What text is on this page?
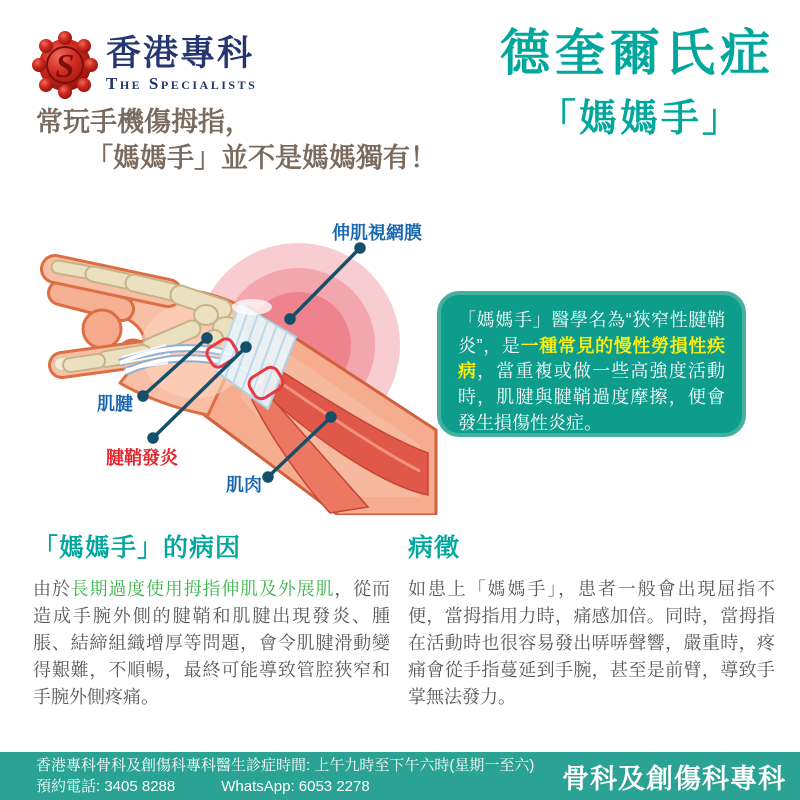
S 香港專科
The Specialists
德奎爾氏症
「媽媽手」
常玩手機傷拇指，
「媽媽手」並不是媽媽獨有！
伸肌視網膜
肌腱
腱鞘發炎
肌肉
「媽媽手」醫學名為“狹窄性腱鞘炎”，是一種常見的慢性勞損性疾病，當重複或做一些高強度活動時，肌腱與腱鞘過度摩擦，便會發生損傷性炎症。
「媽媽手」的病因
由於長期過度使用拇指伸肌及外展肌，從而造成手腕外側的腱鞘和肌腱出現發炎、腫脹、結締組織增厚等問題，會令肌腱滑動變得艱難，不順暢，最終可能導致管腔狹窄和手腕外側疼痛。
病徵
如患上「媽媽手」，患者一般會出現屈指不便，當拇指用力時，痛感加倍。同時，當拇指在活動時也很容易發出哢哢聲響，嚴重時，疼痛會從手指蔓延到手腕，甚至是前臂，導致手掌無法發力。
香港專科骨科及創傷科專科醫生診症時間: 上午九時至下午六時(星期一至六)
預約電話: 3405 8288	WhatsApp: 6053 2278	骨科及創傷科專科
